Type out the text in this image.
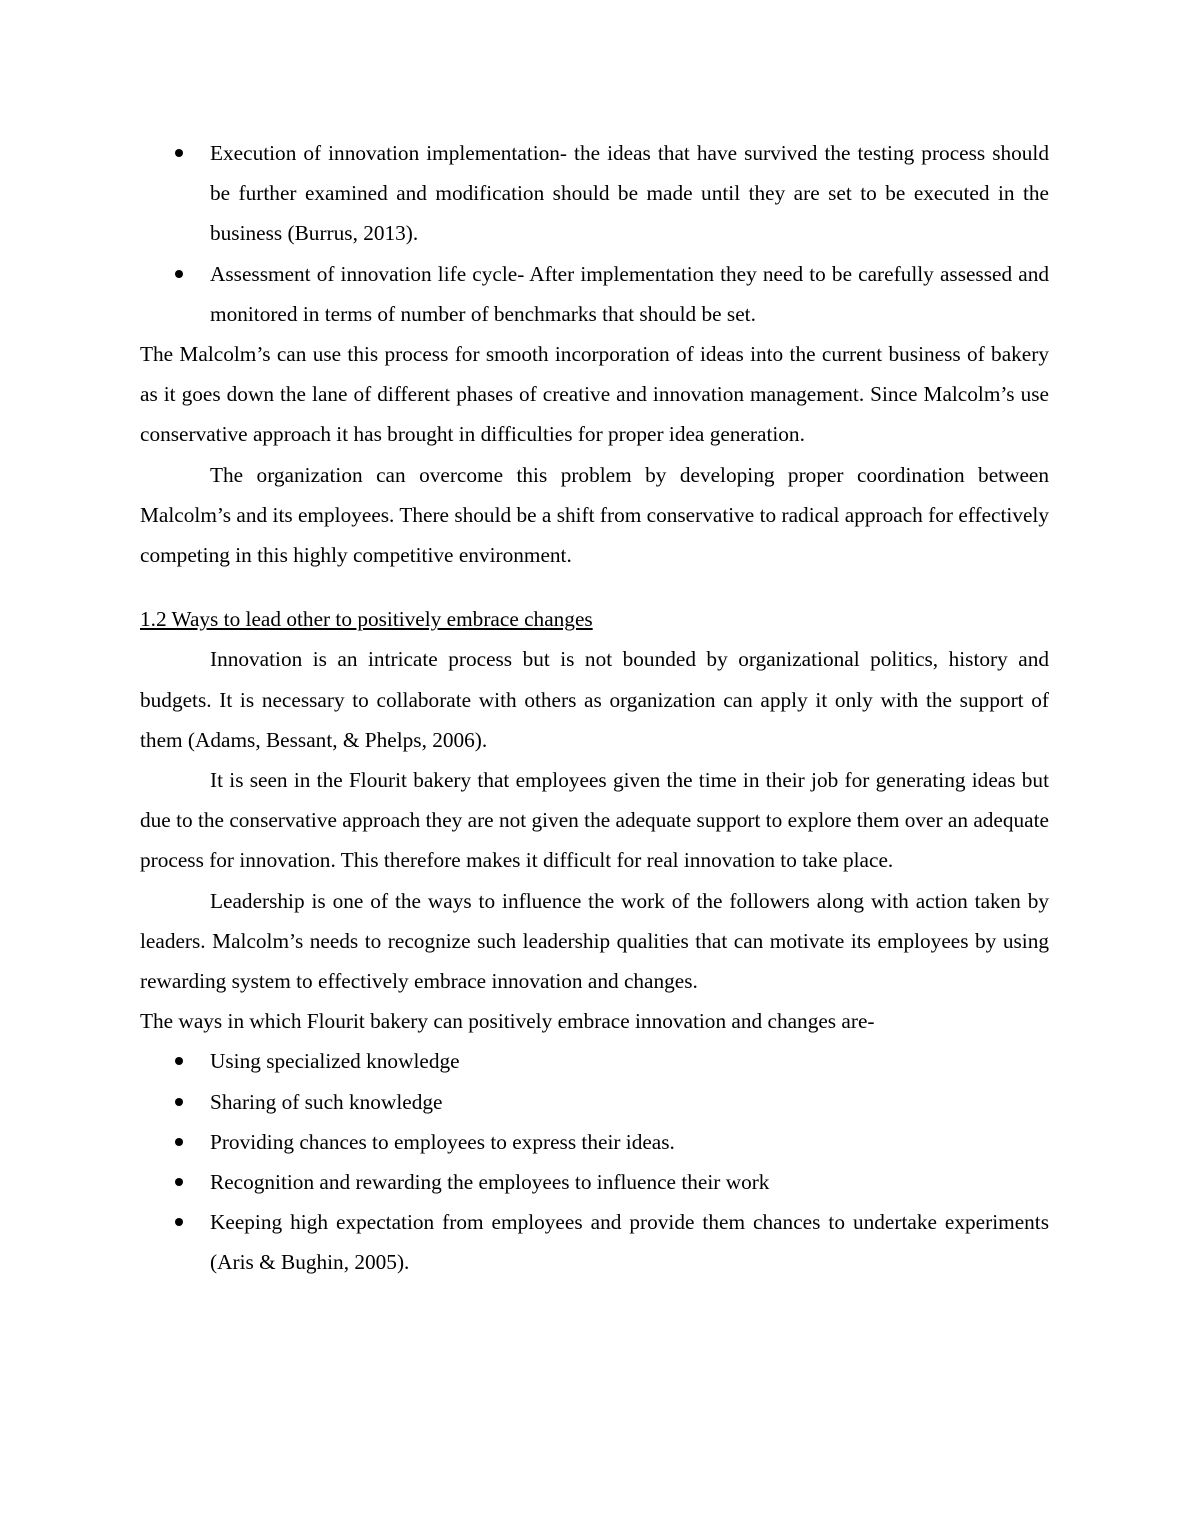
Execution of innovation implementation- the ideas that have survived the testing process should be further examined and modification should be made until they are set to be executed in the business (Burrus, 2013).
Assessment of innovation life cycle- After implementation they need to be carefully assessed and monitored in terms of number of benchmarks that should be set.

The Malcolm’s can use this process for smooth incorporation of ideas into the current business of bakery as it goes down the lane of different phases of creative and innovation management. Since Malcolm’s use conservative approach it has brought in difficulties for proper idea generation.

The organization can overcome this problem by developing proper coordination between Malcolm’s and its employees. There should be a shift from conservative to radical approach for effectively competing in this highly competitive environment.

1.2 Ways to lead other to positively embrace changes

Innovation is an intricate process but is not bounded by organizational politics, history and budgets. It is necessary to collaborate with others as organization can apply it only with the support of them (Adams, Bessant, & Phelps, 2006).

It is seen in the Flourit bakery that employees given the time in their job for generating ideas but due to the conservative approach they are not given the adequate support to explore them over an adequate process for innovation. This therefore makes it difficult for real innovation to take place.

Leadership is one of the ways to influence the work of the followers along with action taken by leaders. Malcolm’s needs to recognize such leadership qualities that can motivate its employees by using rewarding system to effectively embrace innovation and changes.

The ways in which Flourit bakery can positively embrace innovation and changes are-

Using specialized knowledge
Sharing of such knowledge
Providing chances to employees to express their ideas.
Recognition and rewarding the employees to influence their work
Keeping high expectation from employees and provide them chances to undertake experiments (Aris & Bughin, 2005).
